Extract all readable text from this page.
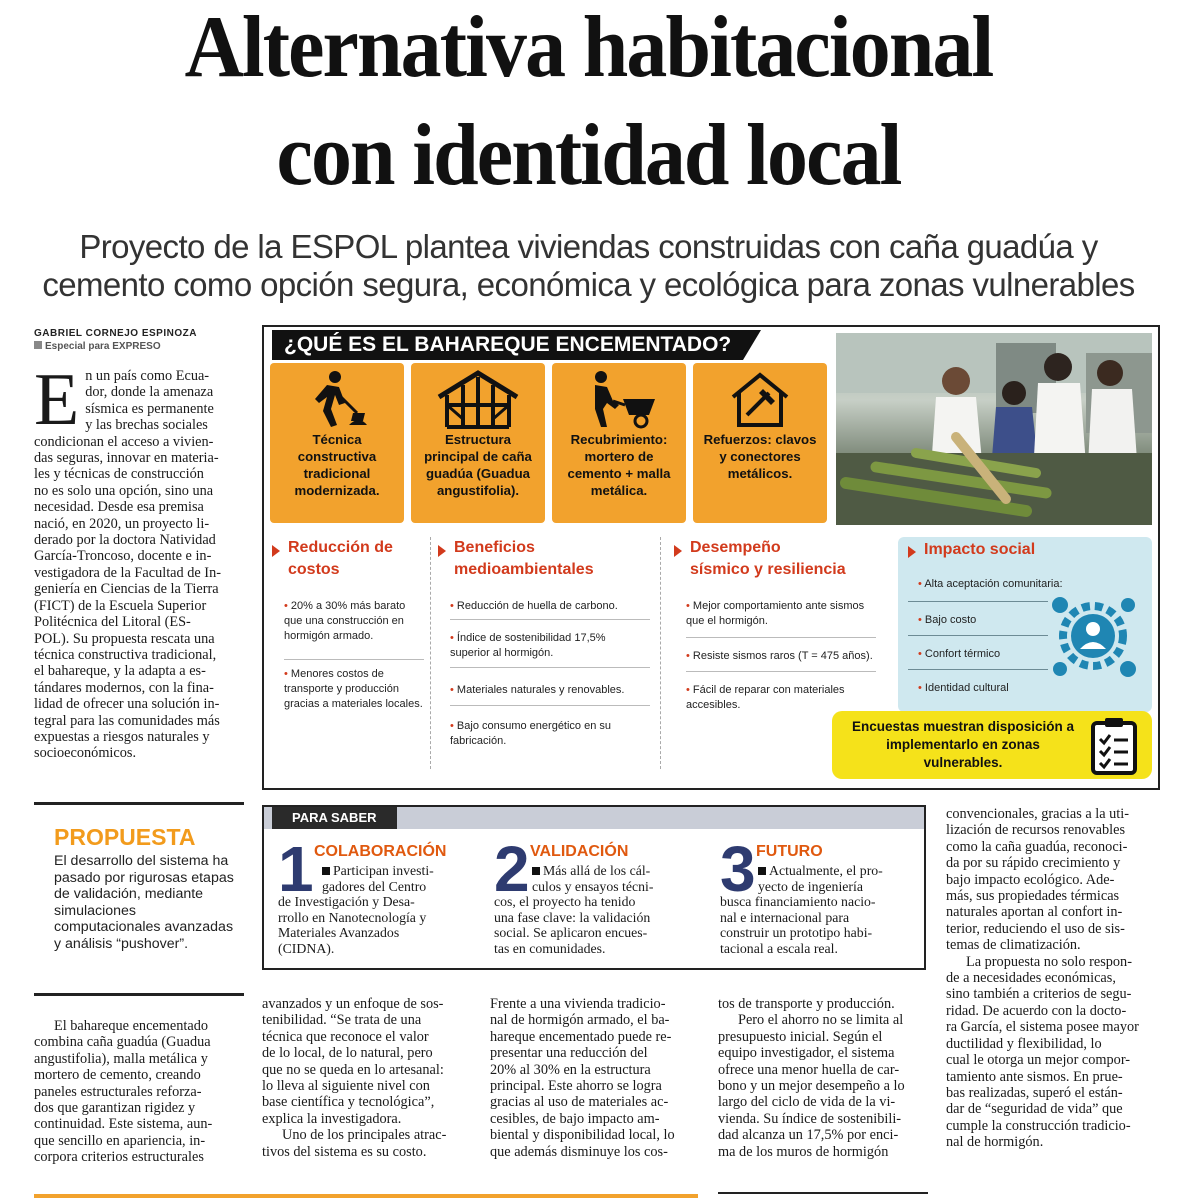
Alternativa habitacional
con identidad local
Proyecto de la ESPOL plantea viviendas construidas con caña guadúa y
cemento como opción segura, económica y ecológica para zonas vulnerables
GABRIEL CORNEJO ESPINOZA
Especial para EXPRESO
E n un país como Ecua-
dor, donde la amenaza
sísmica es permanente
y las brechas sociales
condicionan el acceso a vivien-
das seguras, innovar en materia-
les y técnicas de construcción
no es solo una opción, sino una
necesidad. Desde esa premisa
nació, en 2020, un proyecto li-
derado por la doctora Natividad
García-Troncoso, docente e in-
vestigadora de la Facultad de In-
geniería en Ciencias de la Tierra
(FICT) de la Escuela Superior
Politécnica del Litoral (ES-
POL). Su propuesta rescata una
técnica constructiva tradicional,
el bahareque, y la adapta a es-
tándares modernos, con la fina-
lidad de ofrecer una solución in-
tegral para las comunidades más
expuestas a riesgos naturales y
socioeconómicos.
PROPUESTA
El desarrollo del sistema ha pasado por rigurosas etapas de validación, mediante simulaciones computacionales avanzadas y análisis “pushover”.
¿QUÉ ES EL BAHAREQUE ENCEMENTADO?
Técnica constructiva tradicional modernizada.
Estructura principal de caña guadúa (Guadua angustifolia).
Recubrimiento: mortero de cemento + malla metálica.
Refuerzos: clavos y conectores metálicos.
Reducción de
costos
• 20% a 30% más barato que una construcción en hormigón armado.
• Menores costos de transporte y producción gracias a materiales locales.
Beneficios
medioambientales
• Reducción de huella de carbono.
• Índice de sostenibilidad 17,5% superior al hormigón.
• Materiales naturales y renovables.
• Bajo consumo energético en su fabricación.
Desempeño
sísmico y resiliencia
• Mejor comportamiento ante sismos que el hormigón.
• Resiste sismos raros (T = 475 años).
• Fácil de reparar con materiales accesibles.
Impacto social
• Alta aceptación comunitaria:
• Bajo costo
• Confort térmico
• Identidad cultural
Encuestas muestran disposición a implementarlo en zonas vulnerables.
PARA SABER
1 COLABORACIÓN
Participan investi-
gadores del Centro
de Investigación y Desa-
rrollo en Nanotecnología y
Materiales Avanzados
(CIDNA).
2 VALIDACIÓN
Más allá de los cál-
culos y ensayos técni-
cos, el proyecto ha tenido
una fase clave: la validación
social. Se aplicaron encues-
tas en comunidades.
3 FUTURO
Actualmente, el pro-
yecto de ingeniería
busca financiamiento nacio-
nal e internacional para
construir un prototipo habi-
tacional a escala real.
El bahareque encementado
combina caña guadúa (Guadua
angustifolia), malla metálica y
mortero de cemento, creando
paneles estructurales reforza-
dos que garantizan rigidez y
continuidad. Este sistema, aun-
que sencillo en apariencia, in-
corpora criterios estructurales
avanzados y un enfoque de sos-
tenibilidad. “Se trata de una
técnica que reconoce el valor
de lo local, de lo natural, pero
que no se queda en lo artesanal:
lo lleva al siguiente nivel con
base científica y tecnológica”,
explica la investigadora.
Uno de los principales atrac-
tivos del sistema es su costo.
Frente a una vivienda tradicio-
nal de hormigón armado, el ba-
hareque encementado puede re-
presentar una reducción del
20% al 30% en la estructura
principal. Este ahorro se logra
gracias al uso de materiales ac-
cesibles, de bajo impacto am-
biental y disponibilidad local, lo
que además disminuye los cos-
tos de transporte y producción.
Pero el ahorro no se limita al
presupuesto inicial. Según el
equipo investigador, el sistema
ofrece una menor huella de car-
bono y un mejor desempeño a lo
largo del ciclo de vida de la vi-
vienda. Su índice de sostenibili-
dad alcanza un 17,5% por enci-
ma de los muros de hormigón
convencionales, gracias a la uti-
lización de recursos renovables
como la caña guadúa, reconoci-
da por su rápido crecimiento y
bajo impacto ecológico. Ade-
más, sus propiedades térmicas
naturales aportan al confort in-
terior, reduciendo el uso de sis-
temas de climatización.
La propuesta no solo respon-
de a necesidades económicas,
sino también a criterios de segu-
ridad. De acuerdo con la docto-
ra García, el sistema posee mayor
ductilidad y flexibilidad, lo
cual le otorga un mejor compor-
tamiento ante sismos. En prue-
bas realizadas, superó el están-
dar de “seguridad de vida” que
cumple la construcción tradicio-
nal de hormigón.
